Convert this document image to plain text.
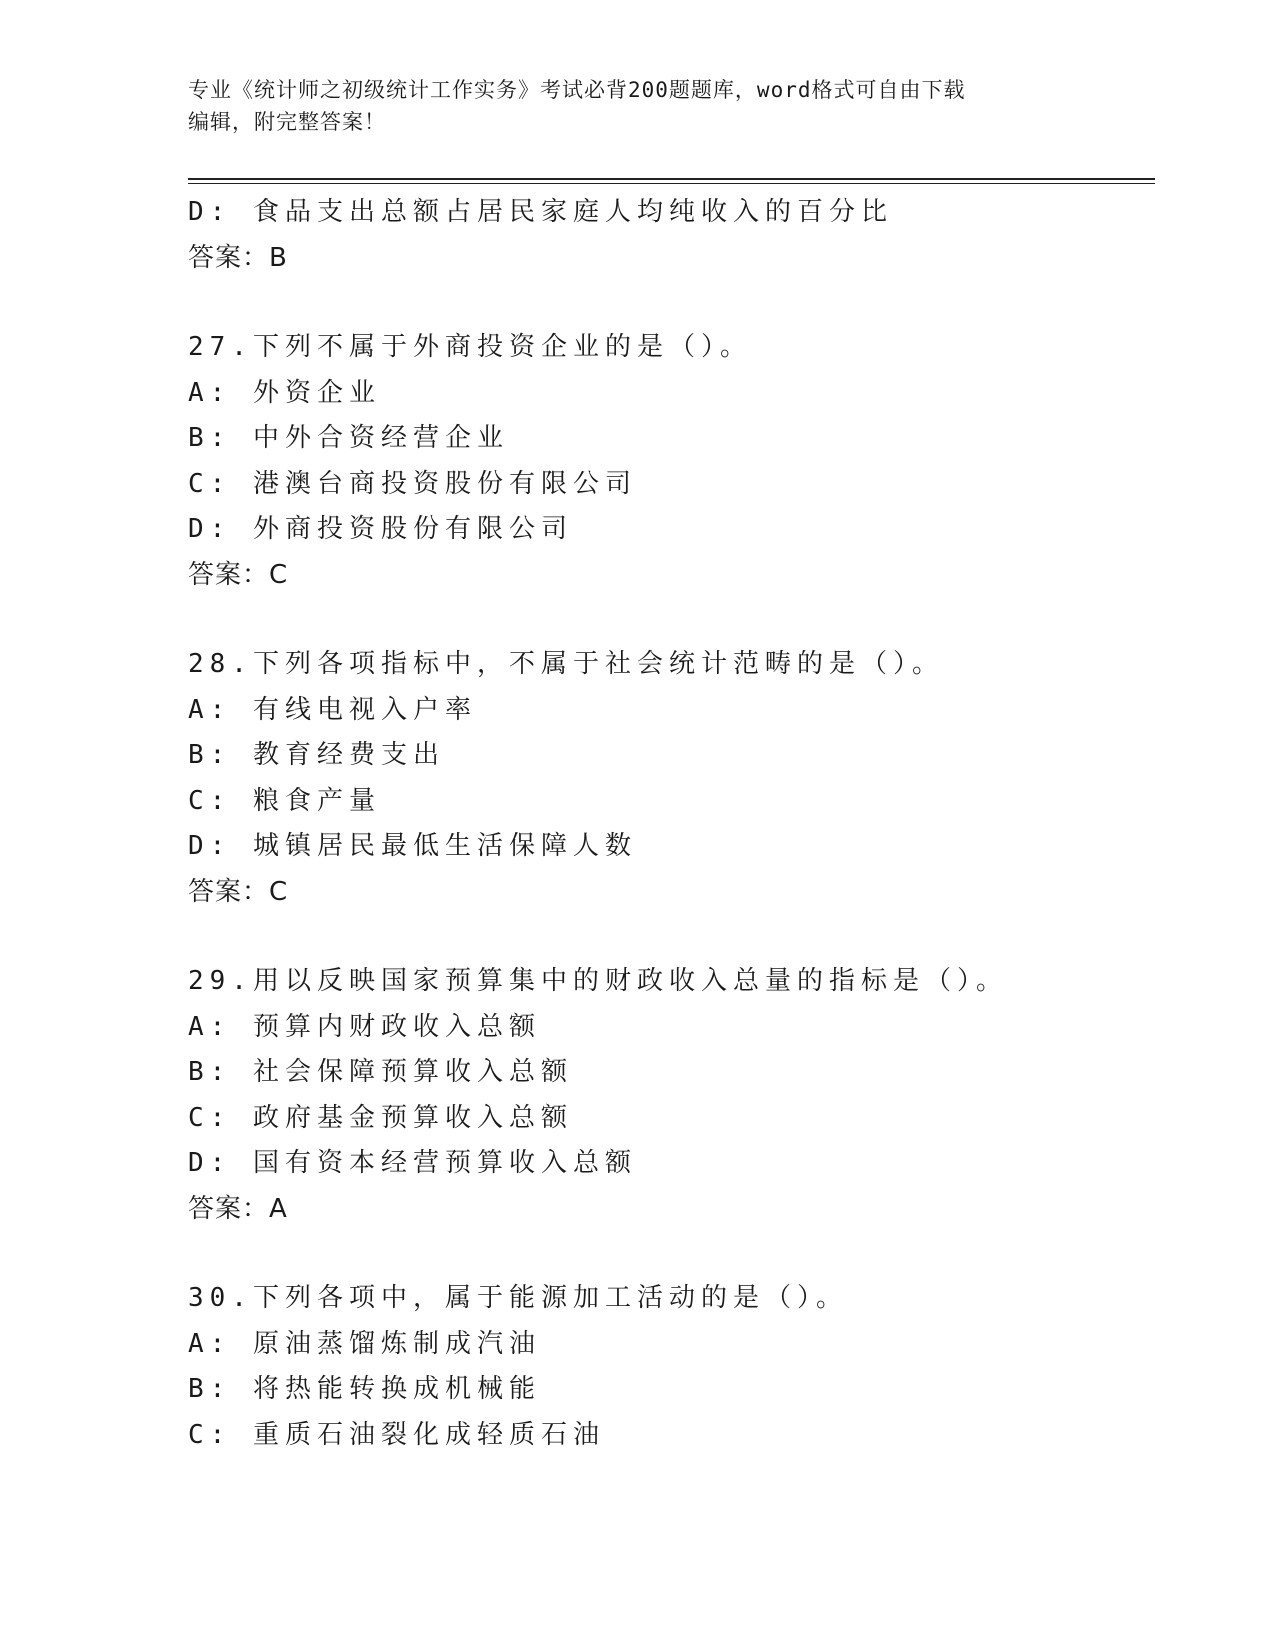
专业《统计师之初级统计工作实务》考试必背200题题库，word格式可自由下载
编辑，附完整答案！
D: 食品支出总额占居民家庭人均纯收入的百分比
答案：B
27.下列不属于外商投资企业的是（）。
A: 外资企业
B: 中外合资经营企业
C: 港澳台商投资股份有限公司
D: 外商投资股份有限公司
答案：C
28.下列各项指标中，不属于社会统计范畴的是（）。
A: 有线电视入户率
B: 教育经费支出
C: 粮食产量
D: 城镇居民最低生活保障人数
答案：C
29.用以反映国家预算集中的财政收入总量的指标是（）。
A: 预算内财政收入总额
B: 社会保障预算收入总额
C: 政府基金预算收入总额
D: 国有资本经营预算收入总额
答案：A
30.下列各项中，属于能源加工活动的是（）。
A: 原油蒸馏炼制成汽油
B: 将热能转换成机械能
C: 重质石油裂化成轻质石油
